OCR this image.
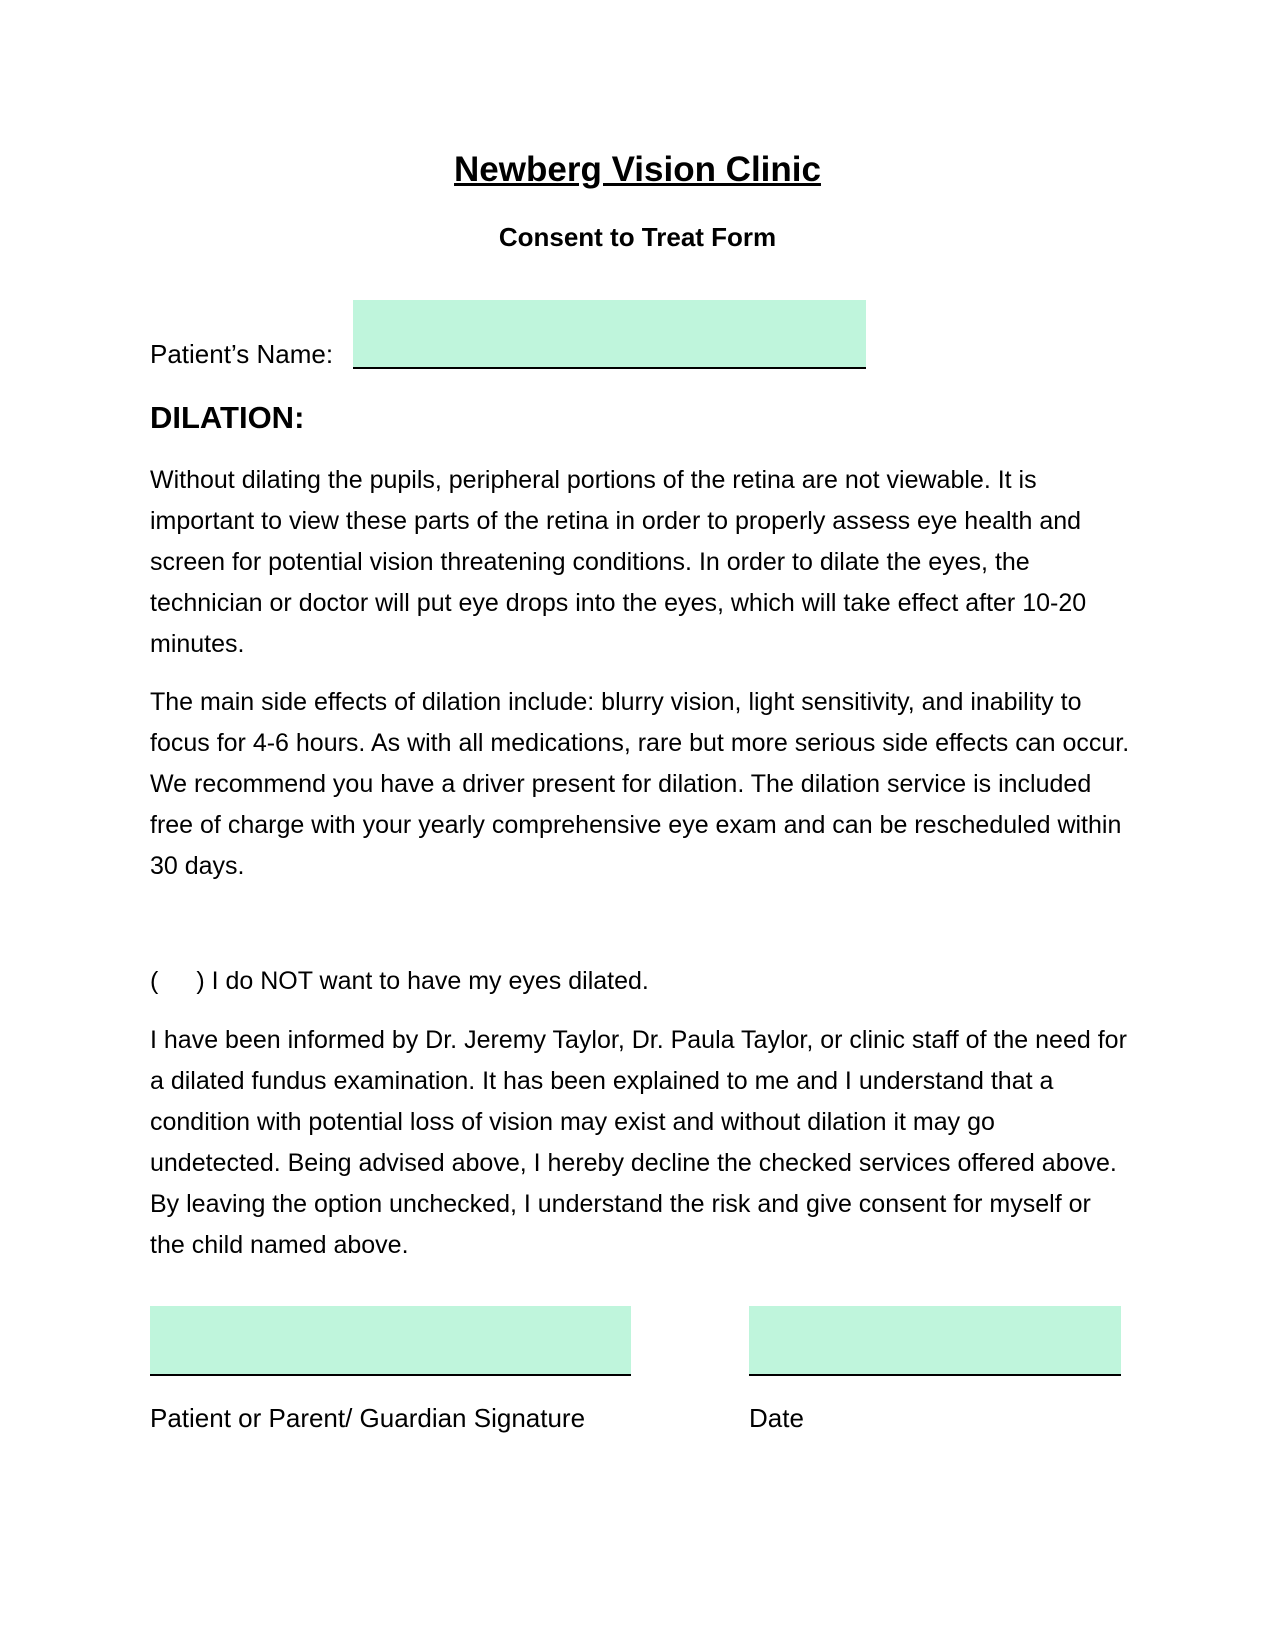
Newberg Vision Clinic
Consent to Treat Form
Patient’s Name:
DILATION:

Without dilating the pupils, peripheral portions of the retina are not viewable. It is important to view these parts of the retina in order to properly assess eye health and screen for potential vision threatening conditions. In order to dilate the eyes, the technician or doctor will put eye drops into the eyes, which will take effect after 10-20 minutes.

The main side effects of dilation include: blurry vision, light sensitivity, and inability to focus for 4-6 hours. As with all medications, rare but more serious side effects can occur. We recommend you have a driver present for dilation. The dilation service is included free of charge with your yearly comprehensive eye exam and can be rescheduled within 30 days.

( ) I do NOT want to have my eyes dilated.

I have been informed by Dr. Jeremy Taylor, Dr. Paula Taylor, or clinic staff of the need for a dilated fundus examination. It has been explained to me and I understand that a condition with potential loss of vision may exist and without dilation it may go undetected. Being advised above, I hereby decline the checked services offered above. By leaving the option unchecked, I understand the risk and give consent for myself or the child named above.

Patient or Parent/ Guardian Signature	Date
